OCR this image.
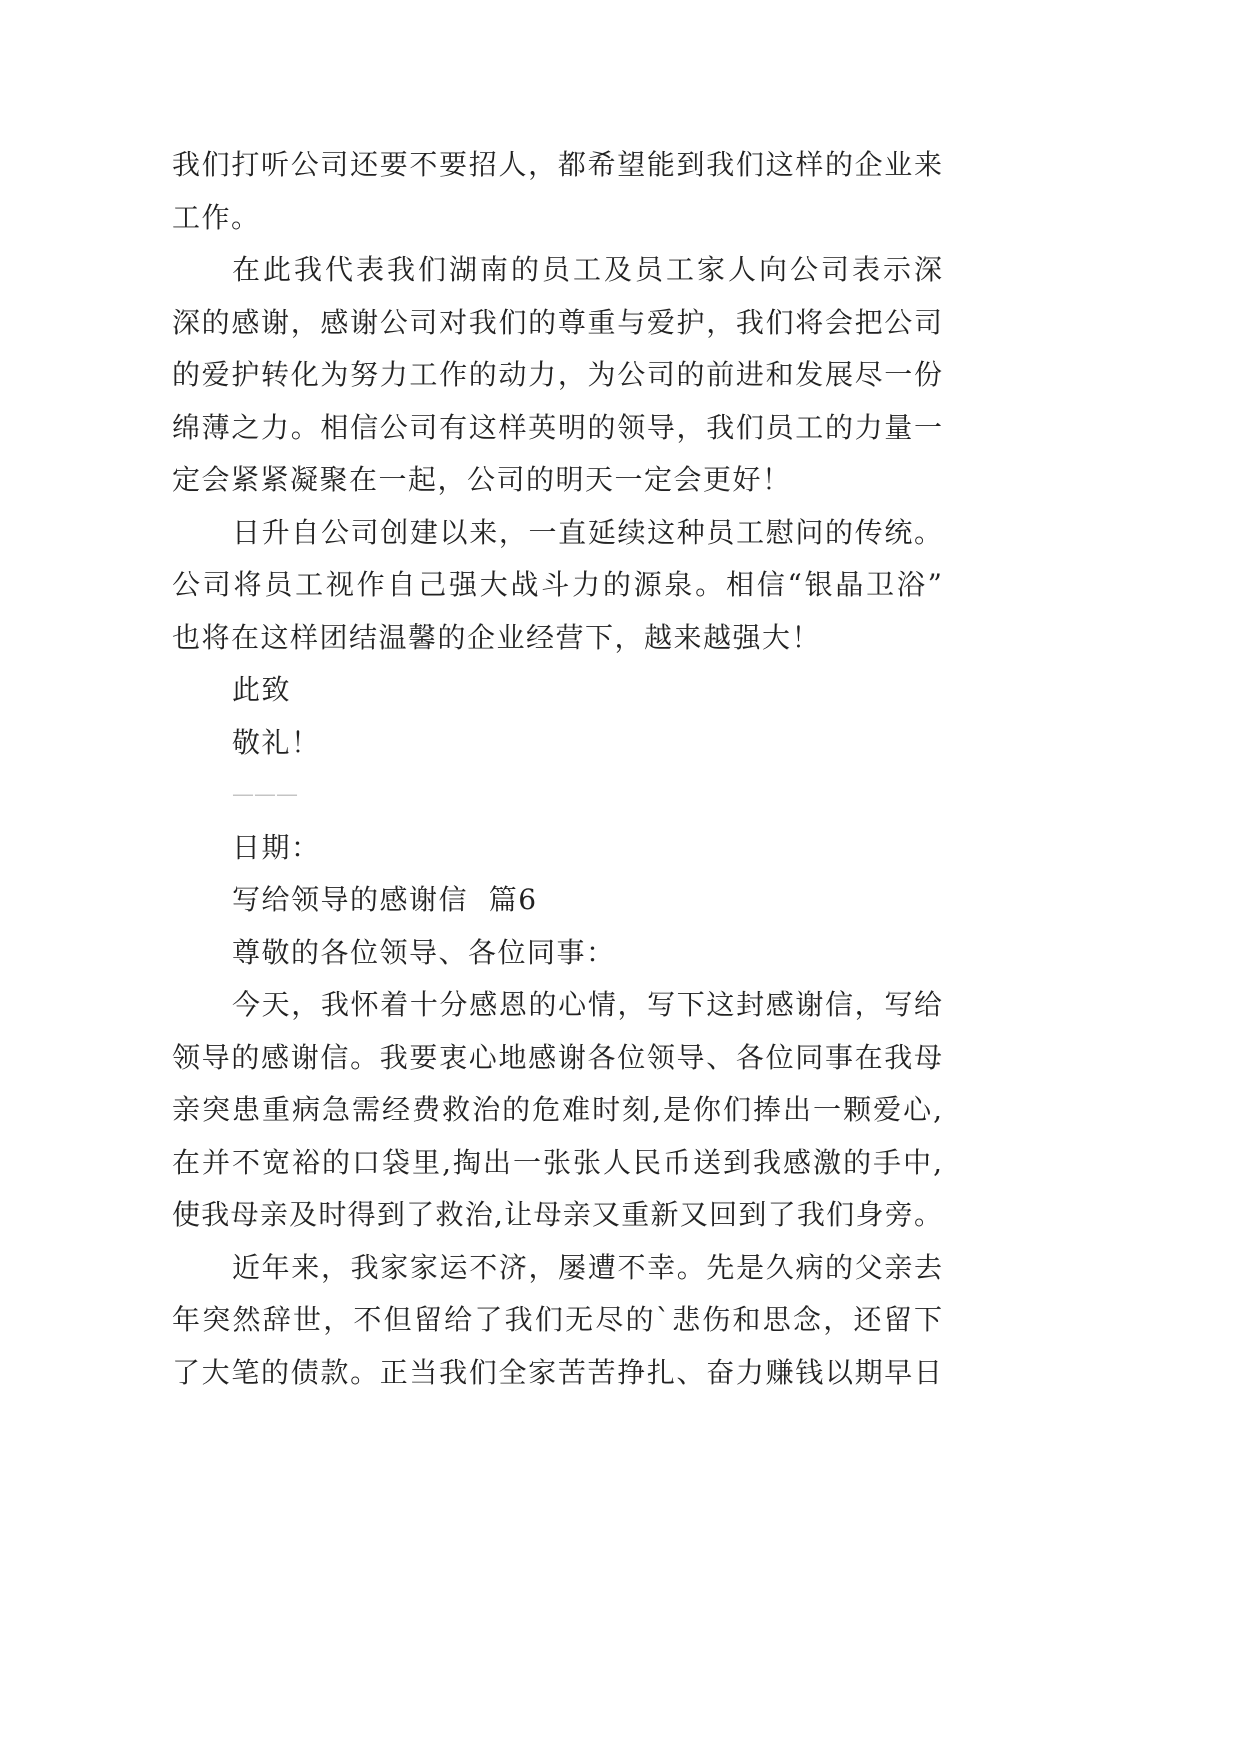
我们打听公司还要不要招人，都希望能到我们这样的企业来
工作。
在此我代表我们湖南的员工及员工家人向公司表示深
深的感谢，感谢公司对我们的尊重与爱护，我们将会把公司
的爱护转化为努力工作的动力，为公司的前进和发展尽一份
绵薄之力。相信公司有这样英明的领导，我们员工的力量一
定会紧紧凝聚在一起，公司的明天一定会更好！
日升自公司创建以来，一直延续这种员工慰问的传统。
公司将员工视作自己强大战斗力的源泉。相信“银晶卫浴”
也将在这样团结温馨的企业经营下，越来越强大！
此致
敬礼！
———
日期：
写给领导的感谢信  篇6
尊敬的各位领导、各位同事：
今天，我怀着十分感恩的心情，写下这封感谢信，写给
领导的感谢信。我要衷心地感谢各位领导、各位同事在我母
亲突患重病急需经费救治的危难时刻,是你们捧出一颗爱心,
在并不宽裕的口袋里,掏出一张张人民币送到我感激的手中,
使我母亲及时得到了救治,让母亲又重新又回到了我们身旁。
近年来，我家家运不济，屡遭不幸。先是久病的父亲去
年突然辞世，不但留给了我们无尽的`悲伤和思念，还留下
了大笔的债款。正当我们全家苦苦挣扎、奋力赚钱以期早日
